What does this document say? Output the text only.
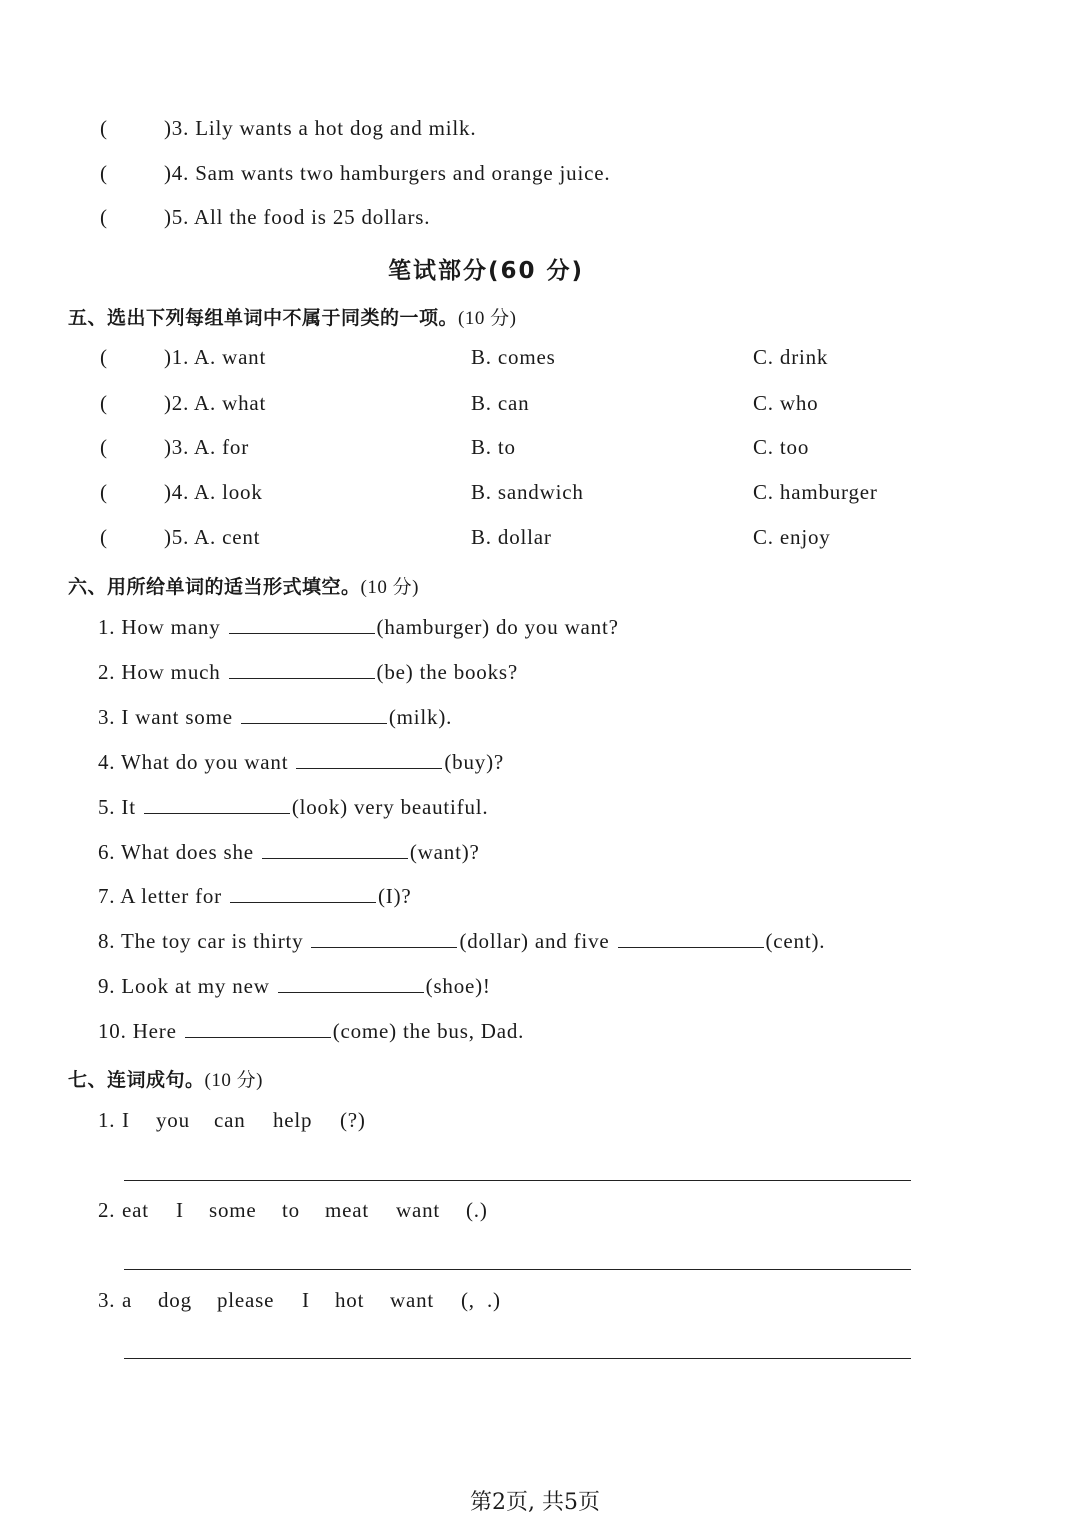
(	)3. Lily wants a hot dog and milk.
(	)4. Sam wants two hamburgers and orange juice.
(	)5. All the food is 25 dollars.
笔试部分(60 分)
五、选出下列每组单词中不属于同类的一项。(10 分)
(	)1. A. want	B. comes	C. drink
(	)2. A. what	B. can	C. who
(	)3. A. for	B. to	C. too
(	)4. A. look	B. sandwich	C. hamburger
(	)5. A. cent	B. dollar	C. enjoy
六、用所给单词的适当形式填空。(10 分)
1. How many	(hamburger) do you want?
2. How much	(be) the books?
3. I want some	(milk).
4. What do you want	(buy)?
5. It	(look) very beautiful.
6. What does she	(want)?
7. A letter for	(I)?
8. The toy car is thirty	(dollar) and five	(cent).
9. Look at my new	(shoe)!
10. Here	(come) the bus, Dad.
七、连词成句。(10 分)
1. I you can help (?)
2. eat I some to meat want (.)
3. a dog please I hot want (,  .)
第2页, 共5页
